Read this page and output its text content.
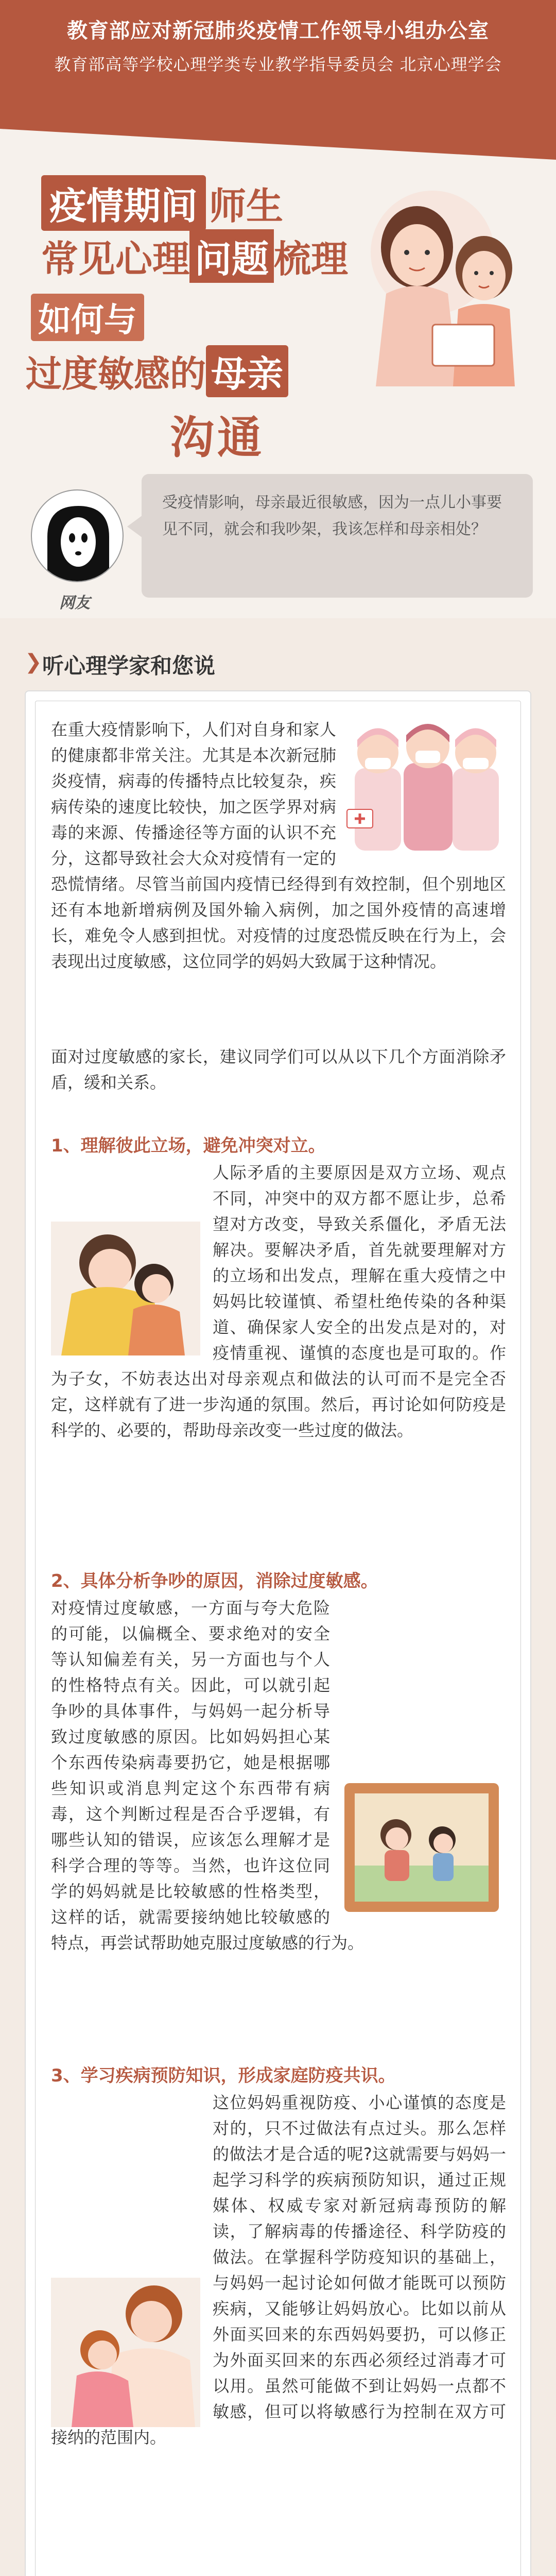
教育部应对新冠肺炎疫情工作领导小组办公室
教育部高等学校心理学类专业教学指导委员会 北京心理学会
疫情期间 师生
常见心理 问题 梳理
如何与
过度敏感的 母亲
沟通
网友
受疫情影响，母亲最近很敏感，因为一点儿小事要见不同，就会和我吵架，我该怎样和母亲相处？
❯ 听心理学家和您说
在重大疫情影响下，人们对自身和家人的健康都非常关注。尤其是本次新冠肺炎疫情，病毒的传播特点比较复杂，疾病传染的速度比较快，加之医学界对病毒的来源、传播途径等方面的认识不充分，这都导致社会大众对疫情有一定的恐慌情绪。尽管当前国内疫情已经得到有效控制，但个别地区还有本地新增病例及国外输入病例，加之国外疫情的高速增长，难免令人感到担忧。对疫情的过度恐慌反映在行为上，会表现出过度敏感，这位同学的妈妈大致属于这种情况。
面对过度敏感的家长，建议同学们可以从以下几个方面消除矛盾，缓和关系。
1、理解彼此立场，避免冲突对立。
人际矛盾的主要原因是双方立场、观点不同，冲突中的双方都不愿让步，总希望对方改变，导致关系僵化，矛盾无法解决。要解决矛盾，首先就要理解对方的立场和出发点，理解在重大疫情之中妈妈比较谨慎、希望杜绝传染的各种渠道、确保家人安全的出发点是对的，对疫情重视、谨慎的态度也是可取的。作为子女，不妨表达出对母亲观点和做法的认可而不是完全否定，这样就有了进一步沟通的氛围。然后，再讨论如何防疫是科学的、必要的，帮助母亲改变一些过度的做法。
2、具体分析争吵的原因，消除过度敏感。
对疫情过度敏感，一方面与夸大危险的可能，以偏概全、要求绝对的安全等认知偏差有关，另一方面也与个人的性格特点有关。因此，可以就引起争吵的具体事件，与妈妈一起分析导致过度敏感的原因。比如妈妈担心某个东西传染病毒要扔它，她是根据哪些知识或消息判定这个东西带有病毒，这个判断过程是否合乎逻辑，有哪些认知的错误，应该怎么理解才是科学合理的等等。当然，也许这位同学的妈妈就是比较敏感的性格类型，这样的话，就需要接纳她比较敏感的特点，再尝试帮助她克服过度敏感的行为。
3、学习疾病预防知识，形成家庭防疫共识。
这位妈妈重视防疫、小心谨慎的态度是对的，只不过做法有点过头。那么怎样的做法才是合适的呢?这就需要与妈妈一起学习科学的疾病预防知识，通过正规媒体、权威专家对新冠病毒预防的解读，了解病毒的传播途径、科学防疫的做法。在掌握科学防疫知识的基础上，与妈妈一起讨论如何做才能既可以预防疾病，又能够让妈妈放心。比如以前从外面买回来的东西妈妈要扔，可以修正为外面买回来的东西必须经过消毒才可以用。虽然可能做不到让妈妈一点都不敏感，但可以将敏感行为控制在双方可接纳的范围内。
